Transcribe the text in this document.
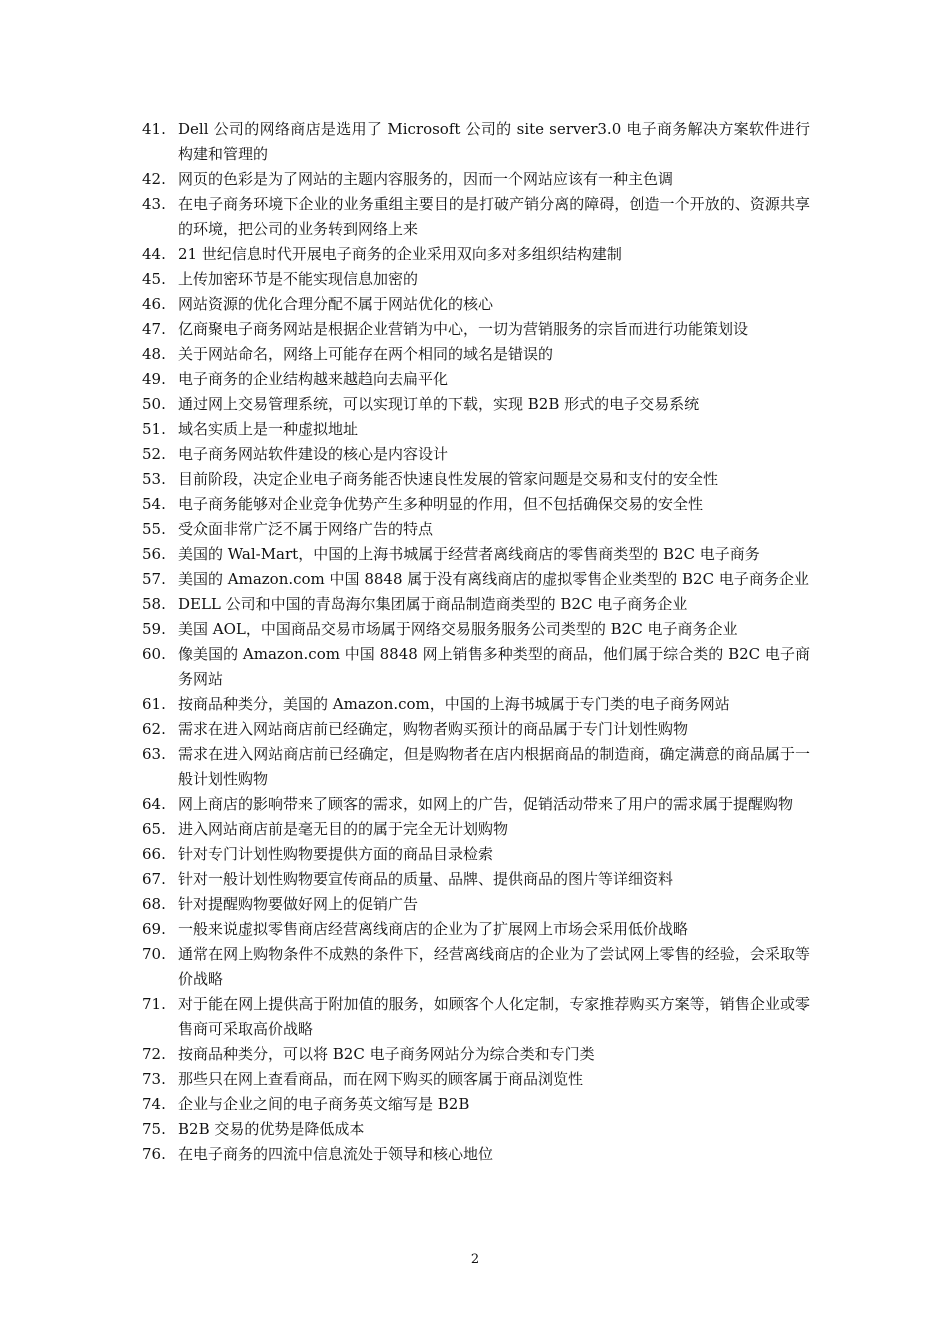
41. Dell 公司的网络商店是选用了 Microsoft 公司的 site server3.0 电子商务解决方案软件进行构建和管理的
42. 网页的色彩是为了网站的主题内容服务的，因而一个网站应该有一种主色调
43. 在电子商务环境下企业的业务重组主要目的是打破产销分离的障碍，创造一个开放的、资源共享的环境，把公司的业务转到网络上来
44. 21 世纪信息时代开展电子商务的企业采用双向多对多组织结构建制
45. 上传加密环节是不能实现信息加密的
46. 网站资源的优化合理分配不属于网站优化的核心
47. 亿商聚电子商务网站是根据企业营销为中心，一切为营销服务的宗旨而进行功能策划设
48. 关于网站命名，网络上可能存在两个相同的域名是错误的
49. 电子商务的企业结构越来越趋向去扁平化
50. 通过网上交易管理系统，可以实现订单的下载，实现 B2B 形式的电子交易系统
51. 域名实质上是一种虚拟地址
52. 电子商务网站软件建设的核心是内容设计
53. 目前阶段，决定企业电子商务能否快速良性发展的管家问题是交易和支付的安全性
54. 电子商务能够对企业竞争优势产生多种明显的作用，但不包括确保交易的安全性
55. 受众面非常广泛不属于网络广告的特点
56. 美国的 Wal-Mart，中国的上海书城属于经营者离线商店的零售商类型的 B2C 电子商务
57. 美国的 Amazon.com 中国 8848 属于没有离线商店的虚拟零售企业类型的 B2C 电子商务企业
58. DELL 公司和中国的青岛海尔集团属于商品制造商类型的 B2C 电子商务企业
59. 美国 AOL，中国商品交易市场属于网络交易服务服务公司类型的 B2C 电子商务企业
60. 像美国的 Amazon.com 中国 8848 网上销售多种类型的商品，他们属于综合类的 B2C 电子商务网站
61. 按商品种类分，美国的 Amazon.com，中国的上海书城属于专门类的电子商务网站
62. 需求在进入网站商店前已经确定，购物者购买预计的商品属于专门计划性购物
63. 需求在进入网站商店前已经确定，但是购物者在店内根据商品的制造商，确定满意的商品属于一般计划性购物
64. 网上商店的影响带来了顾客的需求，如网上的广告，促销活动带来了用户的需求属于提醒购物
65. 进入网站商店前是毫无目的的属于完全无计划购物
66. 针对专门计划性购物要提供方面的商品目录检索
67. 针对一般计划性购物要宣传商品的质量、品牌、提供商品的图片等详细资料
68. 针对提醒购物要做好网上的促销广告
69. 一般来说虚拟零售商店经营离线商店的企业为了扩展网上市场会采用低价战略
70. 通常在网上购物条件不成熟的条件下，经营离线商店的企业为了尝试网上零售的经验，会采取等价战略
71. 对于能在网上提供高于附加值的服务，如顾客个人化定制，专家推荐购买方案等，销售企业或零售商可采取高价战略
72. 按商品种类分，可以将 B2C 电子商务网站分为综合类和专门类
73. 那些只在网上查看商品，而在网下购买的顾客属于商品浏览性
74. 企业与企业之间的电子商务英文缩写是 B2B
75. B2B 交易的优势是降低成本
76. 在电子商务的四流中信息流处于领导和核心地位
2
